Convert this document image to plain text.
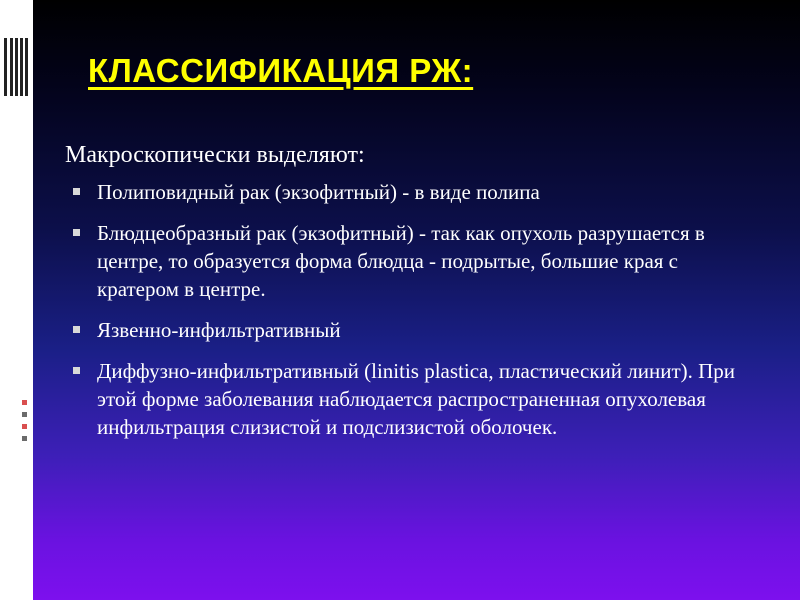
КЛАССИФИКАЦИЯ РЖ:

Макроскопически выделяют:

Полиповидный рак (экзофитный) - в виде полипа
Блюдцеобразный рак (экзофитный) - так как опухоль разрушается в центре, то образуется форма блюдца - подрытые, большие края с кратером в центре.
Язвенно-инфильтративный
Диффузно-инфильтративный (linitis plastica, пластический линит). При этой форме заболевания наблюдается распространенная опухолевая инфильтрация слизистой и подслизистой оболочек.
